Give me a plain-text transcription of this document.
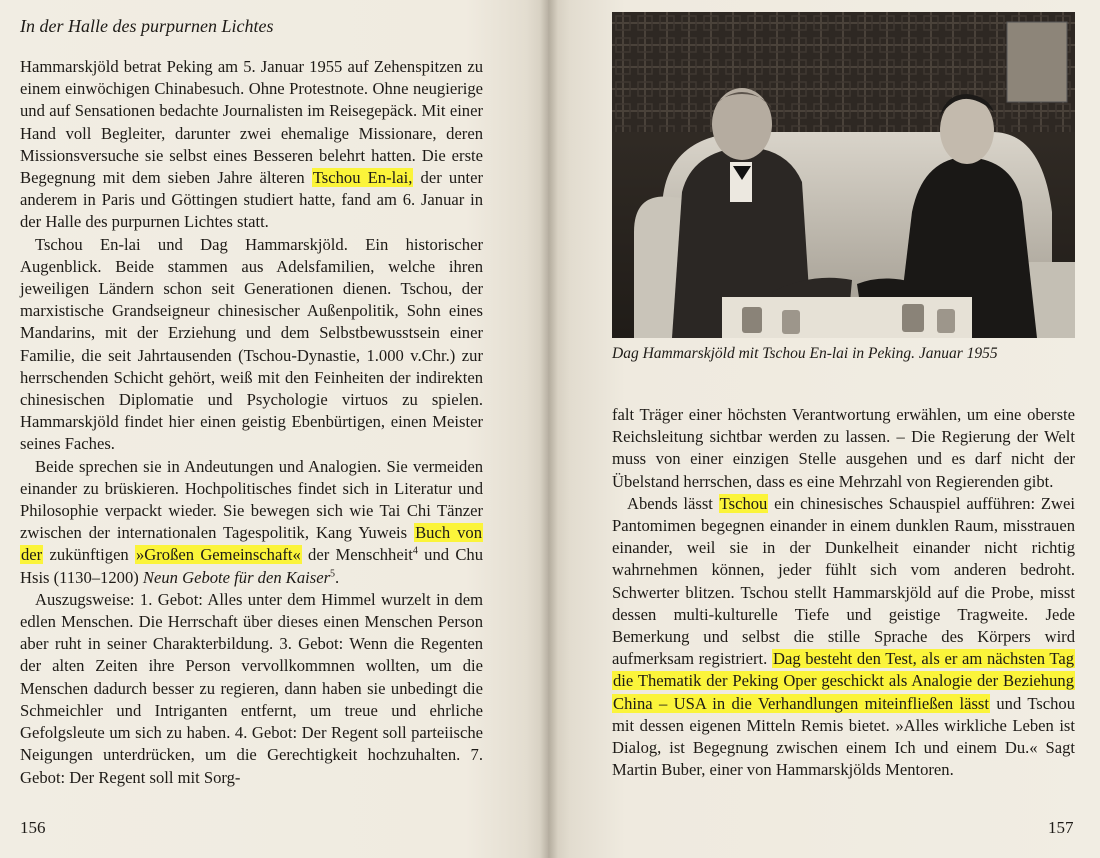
In der Halle des purpurnen Lichtes

Hammarskjöld betrat Peking am 5. Januar 1955 auf Zehenspitzen zu einem einwöchigen Chinabesuch. Ohne Protestnote. Ohne neugierige und auf Sensationen bedachte Journalisten im Reisegepäck. Mit einer Hand voll Begleiter, darunter zwei ehemalige Missionare, deren Missionsversuche sie selbst eines Besseren belehrt hatten. Die erste Begegnung mit dem sieben Jahre älteren Tschou En-lai, der unter anderem in Paris und Göttingen studiert hatte, fand am 6. Januar in der Halle des purpurnen Lichtes statt.

Tschou En-lai und Dag Hammarskjöld. Ein historischer Augenblick. Beide stammen aus Adelsfamilien, welche ihren jeweiligen Ländern schon seit Generationen dienen. Tschou, der marxistische Grandseigneur chinesischer Außenpolitik, Sohn eines Mandarins, mit der Erziehung und dem Selbstbewusstsein einer Familie, die seit Jahrtausenden (Tschou-Dynastie, 1.000 v.Chr.) zur herrschenden Schicht gehört, weiß mit den Feinheiten der indirekten chinesischen Diplomatie und Psychologie virtuos zu spielen. Hammarskjöld findet hier einen geistig Ebenbürtigen, einen Meister seines Faches.

Beide sprechen sie in Andeutungen und Analogien. Sie vermeiden einander zu brüskieren. Hochpolitisches findet sich in Literatur und Philosophie verpackt wieder. Sie bewegen sich wie Tai Chi Tänzer zwischen der internationalen Tagespolitik, Kang Yuweis Buch von der zukünftigen »Großen Gemeinschaft« der Menschheit$^4$ und Chu Hsis (1130–1200) Neun Gebote für den Kaiser$^5$.

Auszugsweise: 1. Gebot: Alles unter dem Himmel wurzelt in dem edlen Menschen. Die Herrschaft über dieses einen Menschen Person aber ruht in seiner Charakterbildung. 3. Gebot: Wenn die Regenten der alten Zeiten ihre Person vervollkommnen wollten, um die Menschen dadurch besser zu regieren, dann haben sie unbedingt die Schmeichler und Intriganten entfernt, um treue und ehrliche Gefolgsleute um sich zu haben. 4. Gebot: Der Regent soll parteiische Neigungen unterdrücken, um die Gerechtigkeit hochzuhalten. 7. Gebot: Der Regent soll mit Sorg-

156
Dag Hammarskjöld mit Tschou En-lai in Peking. Januar 1955

falt Träger einer höchsten Verantwortung erwählen, um eine oberste Reichsleitung sichtbar werden zu lassen. – Die Regierung der Welt muss von einer einzigen Stelle ausgehen und es darf nicht der Übelstand herrschen, dass es eine Mehrzahl von Regierenden gibt.

Abends lässt Tschou ein chinesisches Schauspiel aufführen: Zwei Pantomimen begegnen einander in einem dunklen Raum, misstrauen einander, weil sie in der Dunkelheit einander nicht richtig wahrnehmen können, jeder fühlt sich vom anderen bedroht. Schwerter blitzen. Tschou stellt Hammarskjöld auf die Probe, misst dessen multi-kulturelle Tiefe und geistige Tragweite. Jede Bemerkung und selbst die stille Sprache des Körpers wird aufmerksam registriert. Dag besteht den Test, als er am nächsten Tag die Thematik der Peking Oper geschickt als Analogie der Beziehung China – USA in die Verhandlungen miteinfließen lässt und Tschou mit dessen eigenen Mitteln Remis bietet. »Alles wirkliche Leben ist Dialog, ist Begegnung zwischen einem Ich und einem Du.« Sagt Martin Buber, einer von Hammarskjölds Mentoren.

157
